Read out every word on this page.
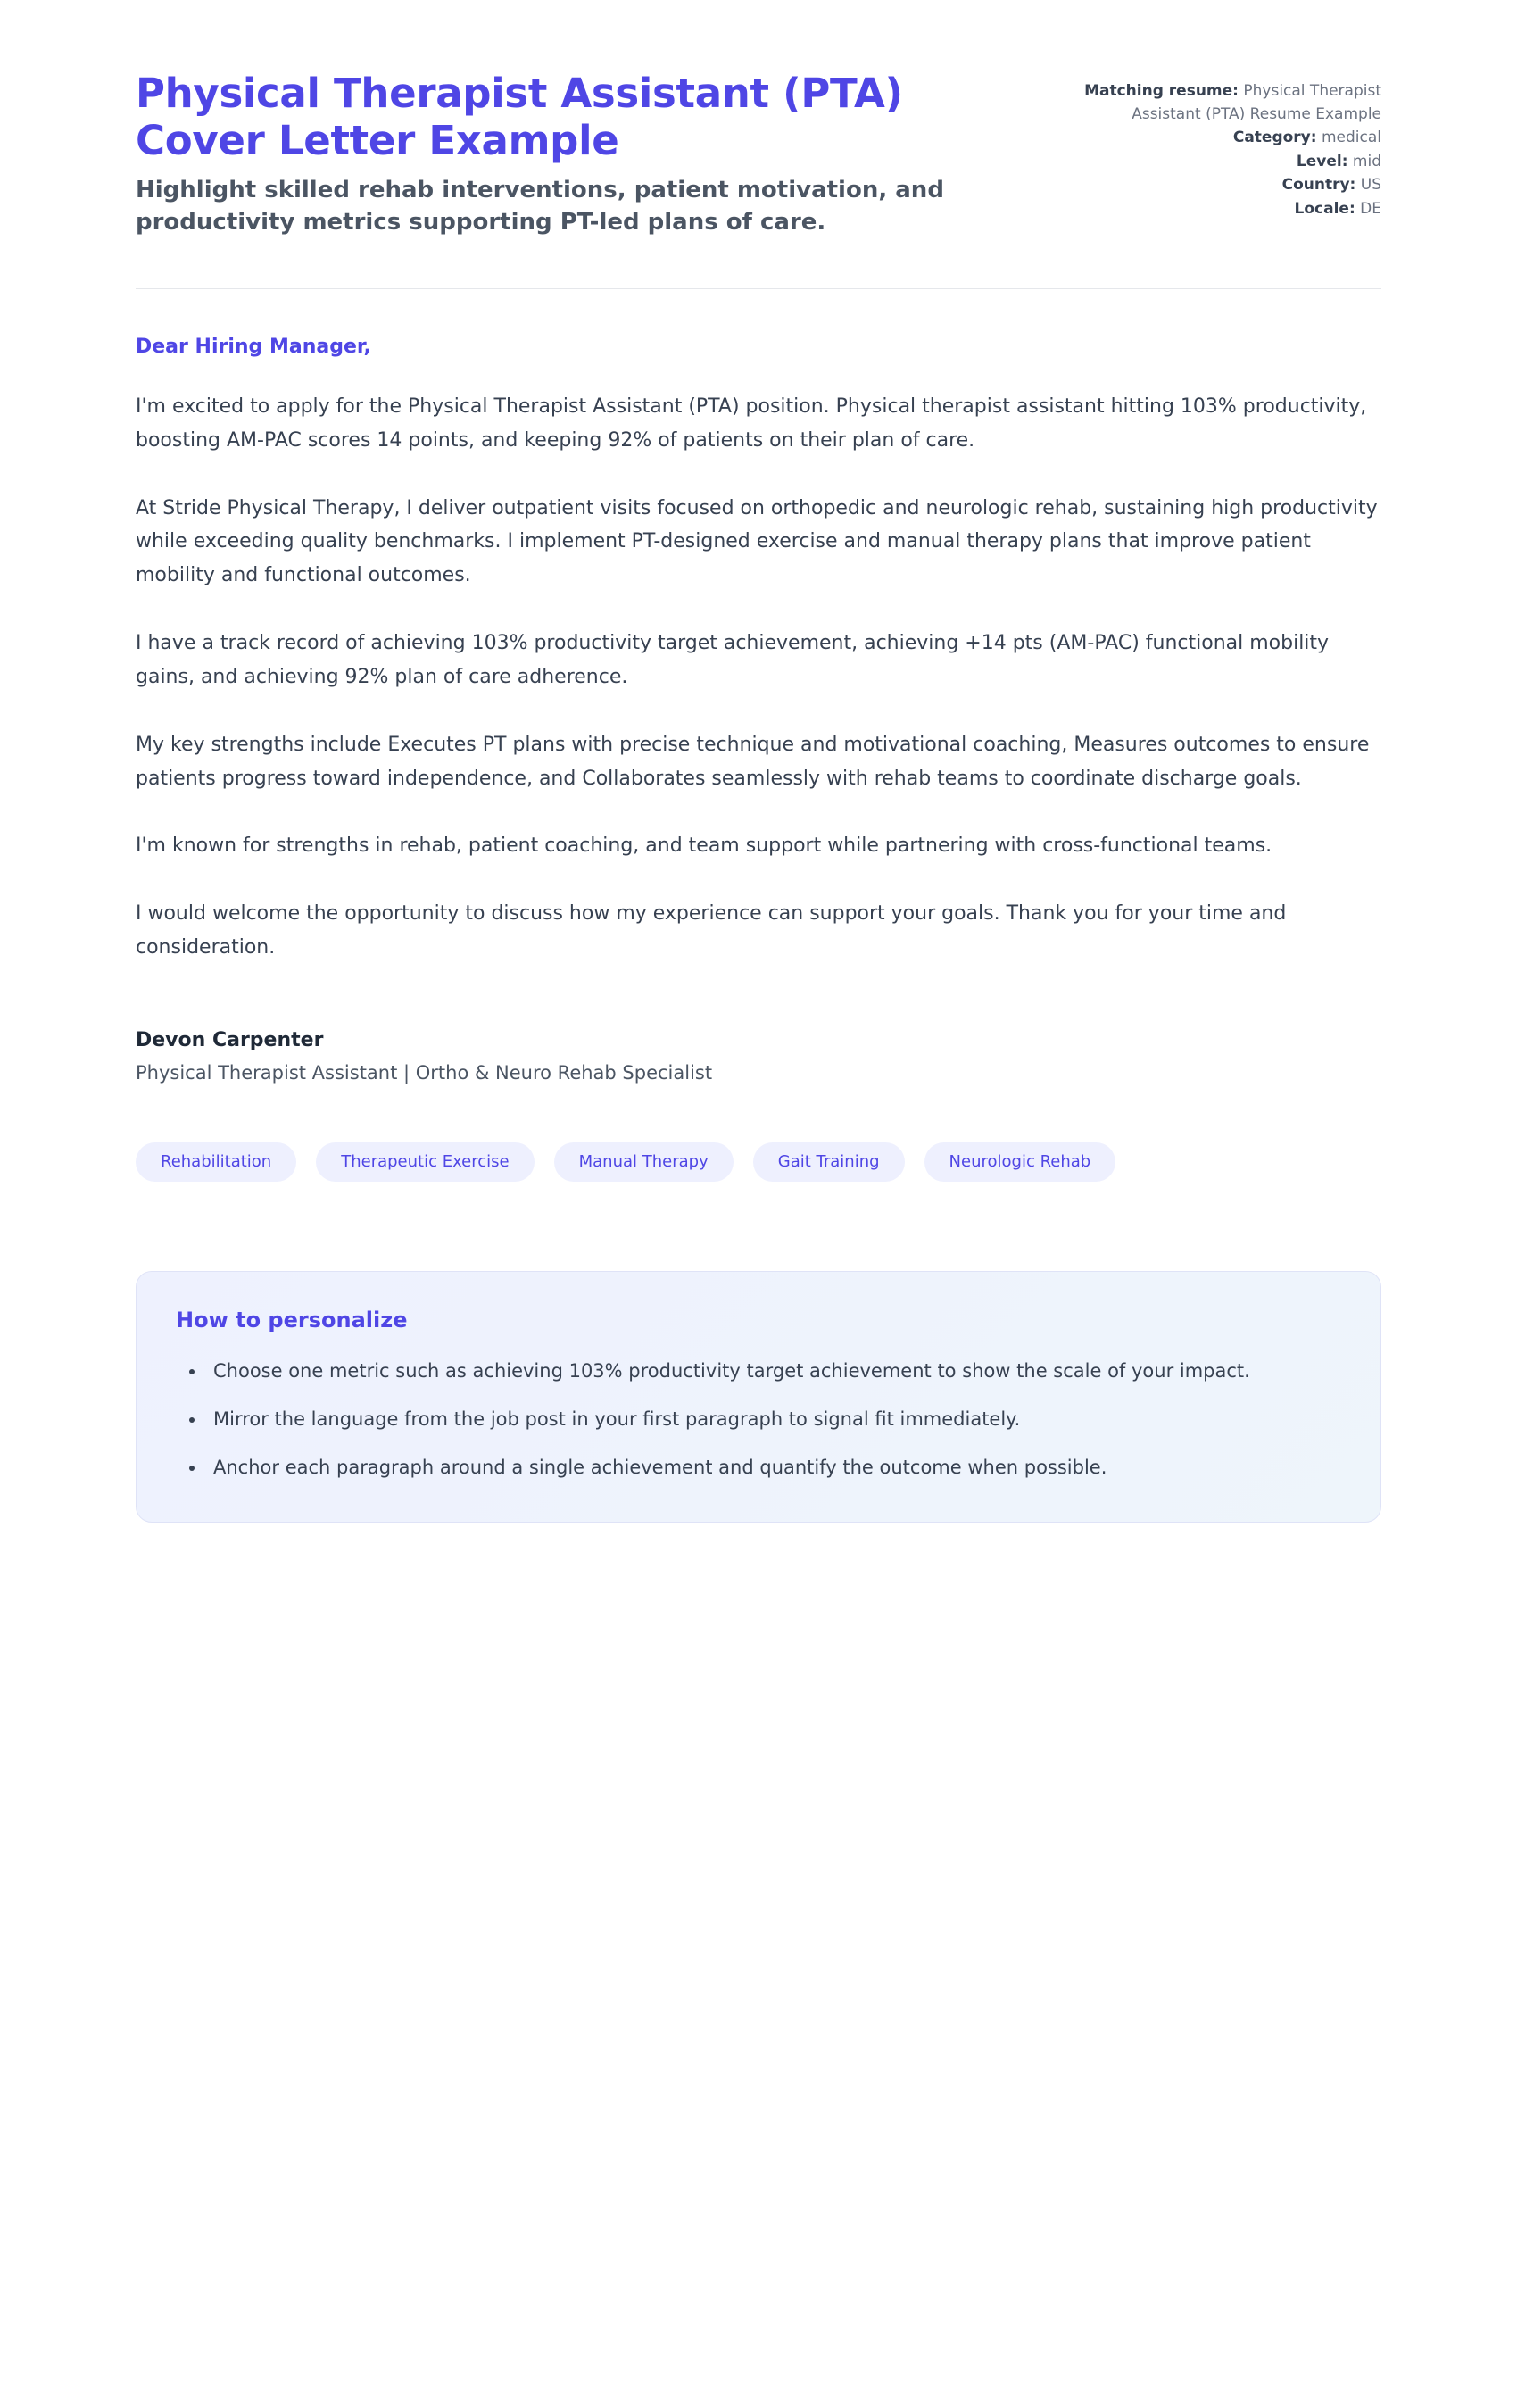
Physical Therapist Assistant (PTA) Cover Letter Example

Highlight skilled rehab interventions, patient motivation, and productivity metrics supporting PT-led plans of care.

Matching resume: Physical Therapist Assistant (PTA) Resume Example
Category: medical
Level: mid
Country: US
Locale: DE

Dear Hiring Manager,

I'm excited to apply for the Physical Therapist Assistant (PTA) position. Physical therapist assistant hitting 103% productivity, boosting AM-PAC scores 14 points, and keeping 92% of patients on their plan of care.

At Stride Physical Therapy, I deliver outpatient visits focused on orthopedic and neurologic rehab, sustaining high productivity while exceeding quality benchmarks. I implement PT-designed exercise and manual therapy plans that improve patient mobility and functional outcomes.

I have a track record of achieving 103% productivity target achievement, achieving +14 pts (AM-PAC) functional mobility gains, and achieving 92% plan of care adherence.

My key strengths include Executes PT plans with precise technique and motivational coaching, Measures outcomes to ensure patients progress toward independence, and Collaborates seamlessly with rehab teams to coordinate discharge goals.

I'm known for strengths in rehab, patient coaching, and team support while partnering with cross-functional teams.

I would welcome the opportunity to discuss how my experience can support your goals. Thank you for your time and consideration.

Devon Carpenter

Physical Therapist Assistant | Ortho & Neuro Rehab Specialist

Rehabilitation	Therapeutic Exercise	Manual Therapy	Gait Training	Neurologic Rehab
How to personalize
• Choose one metric such as achieving 103% productivity target achievement to show the scale of your impact.
• Mirror the language from the job post in your first paragraph to signal fit immediately.
• Anchor each paragraph around a single achievement and quantify the outcome when possible.
